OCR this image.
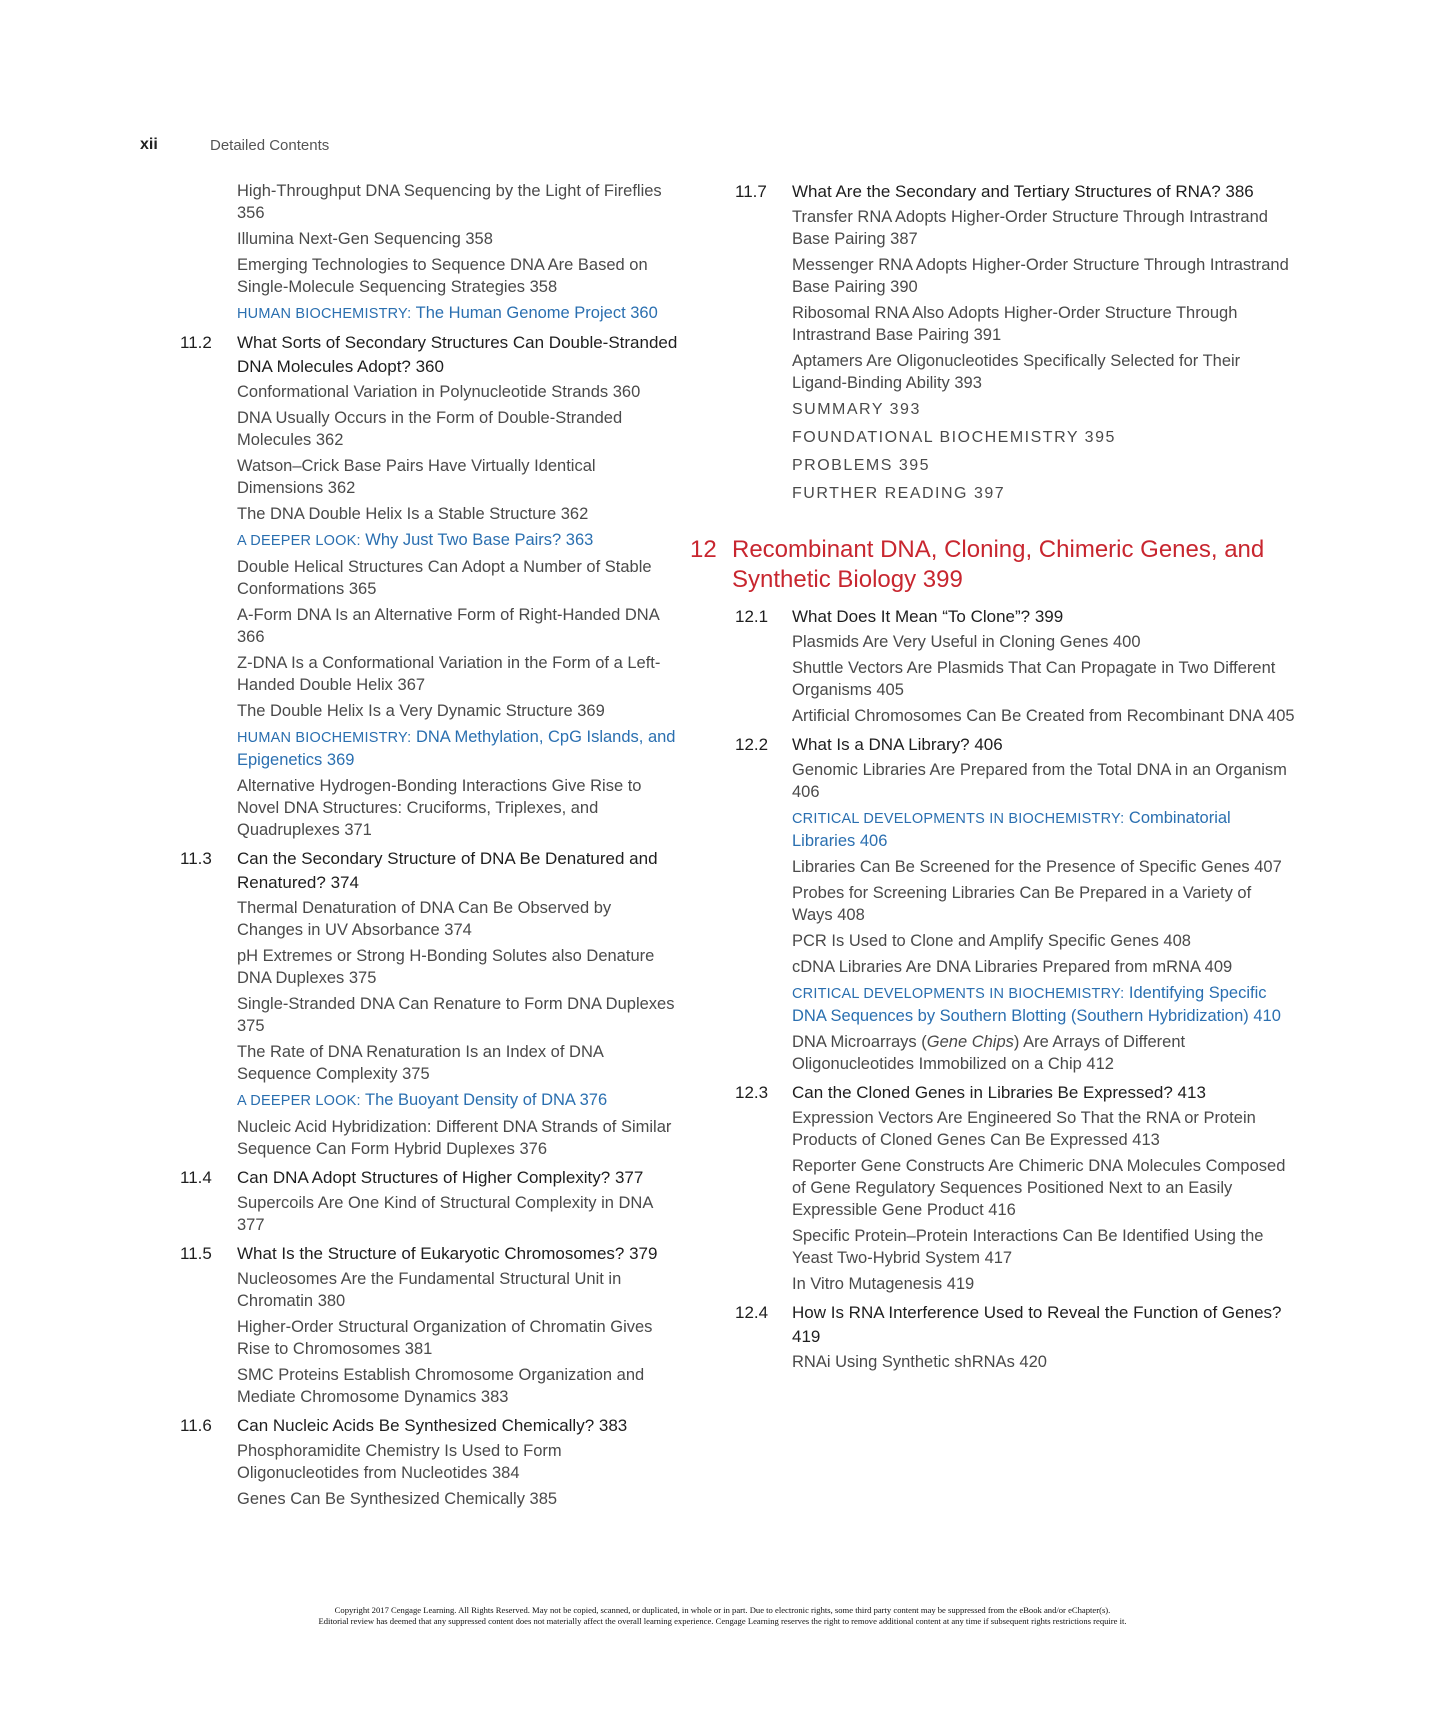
xii	Detailed Contents
High-Throughput DNA Sequencing by the Light of Fireflies 356
Illumina Next-Gen Sequencing 358
Emerging Technologies to Sequence DNA Are Based on Single-Molecule Sequencing Strategies 358
HUMAN BIOCHEMISTRY: The Human Genome Project 360
11.2	What Sorts of Secondary Structures Can Double-Stranded DNA Molecules Adopt? 360
Conformational Variation in Polynucleotide Strands 360
DNA Usually Occurs in the Form of Double-Stranded Molecules 362
Watson–Crick Base Pairs Have Virtually Identical Dimensions 362
The DNA Double Helix Is a Stable Structure 362
A DEEPER LOOK: Why Just Two Base Pairs? 363
Double Helical Structures Can Adopt a Number of Stable Conformations 365
A-Form DNA Is an Alternative Form of Right-Handed DNA 366
Z-DNA Is a Conformational Variation in the Form of a Left-Handed Double Helix 367
The Double Helix Is a Very Dynamic Structure 369
HUMAN BIOCHEMISTRY: DNA Methylation, CpG Islands, and Epigenetics 369
Alternative Hydrogen-Bonding Interactions Give Rise to Novel DNA Structures: Cruciforms, Triplexes, and Quadruplexes 371
11.3	Can the Secondary Structure of DNA Be Denatured and Renatured? 374
Thermal Denaturation of DNA Can Be Observed by Changes in UV Absorbance 374
pH Extremes or Strong H-Bonding Solutes also Denature DNA Duplexes 375
Single-Stranded DNA Can Renature to Form DNA Duplexes 375
The Rate of DNA Renaturation Is an Index of DNA Sequence Complexity 375
A DEEPER LOOK: The Buoyant Density of DNA 376
Nucleic Acid Hybridization: Different DNA Strands of Similar Sequence Can Form Hybrid Duplexes 376
11.4	Can DNA Adopt Structures of Higher Complexity? 377
Supercoils Are One Kind of Structural Complexity in DNA 377
11.5	What Is the Structure of Eukaryotic Chromosomes? 379
Nucleosomes Are the Fundamental Structural Unit in Chromatin 380
Higher-Order Structural Organization of Chromatin Gives Rise to Chromosomes 381
SMC Proteins Establish Chromosome Organization and Mediate Chromosome Dynamics 383
11.6	Can Nucleic Acids Be Synthesized Chemically? 383
Phosphoramidite Chemistry Is Used to Form Oligonucleotides from Nucleotides 384
Genes Can Be Synthesized Chemically 385
11.7	What Are the Secondary and Tertiary Structures of RNA? 386
Transfer RNA Adopts Higher-Order Structure Through Intrastrand Base Pairing 387
Messenger RNA Adopts Higher-Order Structure Through Intrastrand Base Pairing 390
Ribosomal RNA Also Adopts Higher-Order Structure Through Intrastrand Base Pairing 391
Aptamers Are Oligonucleotides Specifically Selected for Their Ligand-Binding Ability 393
SUMMARY 393
FOUNDATIONAL BIOCHEMISTRY 395
PROBLEMS 395
FURTHER READING 397
12 Recombinant DNA, Cloning, Chimeric Genes, and Synthetic Biology 399
12.1	What Does It Mean “To Clone”? 399
Plasmids Are Very Useful in Cloning Genes 400
Shuttle Vectors Are Plasmids That Can Propagate in Two Different Organisms 405
Artificial Chromosomes Can Be Created from Recombinant DNA 405
12.2	What Is a DNA Library? 406
Genomic Libraries Are Prepared from the Total DNA in an Organism 406
CRITICAL DEVELOPMENTS IN BIOCHEMISTRY: Combinatorial Libraries 406
Libraries Can Be Screened for the Presence of Specific Genes 407
Probes for Screening Libraries Can Be Prepared in a Variety of Ways 408
PCR Is Used to Clone and Amplify Specific Genes 408
cDNA Libraries Are DNA Libraries Prepared from mRNA 409
CRITICAL DEVELOPMENTS IN BIOCHEMISTRY: Identifying Specific DNA Sequences by Southern Blotting (Southern Hybridization) 410
DNA Microarrays (Gene Chips) Are Arrays of Different Oligonucleotides Immobilized on a Chip 412
12.3	Can the Cloned Genes in Libraries Be Expressed? 413
Expression Vectors Are Engineered So That the RNA or Protein Products of Cloned Genes Can Be Expressed 413
Reporter Gene Constructs Are Chimeric DNA Molecules Composed of Gene Regulatory Sequences Positioned Next to an Easily Expressible Gene Product 416
Specific Protein–Protein Interactions Can Be Identified Using the Yeast Two-Hybrid System 417
In Vitro Mutagenesis 419
12.4	How Is RNA Interference Used to Reveal the Function of Genes? 419
RNAi Using Synthetic shRNAs 420
Copyright 2017 Cengage Learning. All Rights Reserved. May not be copied, scanned, or duplicated, in whole or in part. Due to electronic rights, some third party content may be suppressed from the eBook and/or eChapter(s).
Editorial review has deemed that any suppressed content does not materially affect the overall learning experience. Cengage Learning reserves the right to remove additional content at any time if subsequent rights restrictions require it.
